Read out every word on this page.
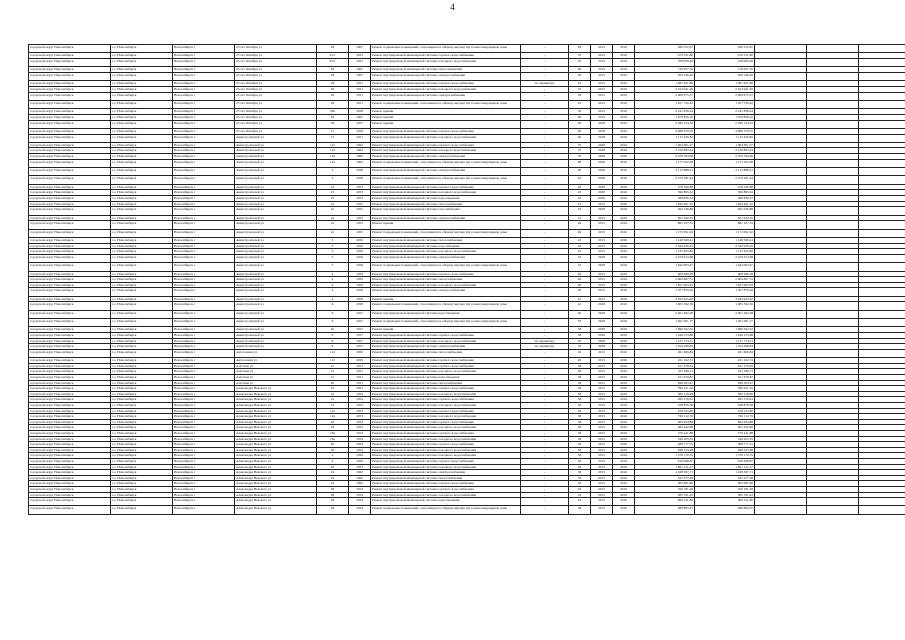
4
городской округ Новосибирск	г.о. Новосибирск	Новосибирск г	25 лет Октября ул	28	1967	Ремонт подвальных помещений, относящихся к общему имуществу в многоквартирном доме	-	83	2015	2016	260 552,67	260 552,67					
городской округ Новосибирск	г.о. Новосибирск	Новосибирск г	25 лет Октября ул	25/1	1953	Ремонт внутридомовой инженерной системы горячего водоснабжения	-	35	2015	2016	470 531,80	470 531,80					
городской округ Новосибирск	г.о. Новосибирск	Новосибирск г	25 лет Октября ул	25/1	1953	Ремонт внутридомовой инженерной системы холодного водоснабжения	-	35	2015	2016	358 009,49	358 009,49					
городской округ Новосибирск	г.о. Новосибирск	Новосибирск г	25 лет Октября ул	28	1967	Ремонт внутридомовой инженерной системы теплоснабжения	-	60	2015	2016	716 657,16	716 657,16					
городской округ Новосибирск	г.о. Новосибирск	Новосибирск г	25 лет Октября ул	28	1967	Ремонт внутридомовой инженерной системы электроснабжения	-	20	2015	2016	959 546,46	959 546,46					
городской округ Новосибирск	г.о. Новосибирск	Новосибирск г	25 лет Октября ул	29	1951	Ремонт внутридомовой инженерной системы горячего водоснабжения	по периметру	25	2015	2016	1 481 621,86	1 481 621,86					
городской округ Новосибирск	г.о. Новосибирск	Новосибирск г	25 лет Октября ул	29	1951	Ремонт внутридомовой инженерной системы холодного водоснабжения	-	25	2015	2016	2 224 941,29	2 224 941,29					
городской округ Новосибирск	г.о. Новосибирск	Новосибирск г	25 лет Октября ул	29	1951	Ремонт внутридомовой инженерной системы электроснабжения	-	18	2015	2016	2 908 975,57	2 908 975,57					
городской округ Новосибирск	г.о. Новосибирск	Новосибирск г	25 лет Октября ул	29	1951	Ремонт подвальных помещений, относящихся к общему имуществу в многоквартирном доме	-	45	2015	2016	1 107 720,42	1 107 720,42					
городской округ Новосибирск	г.о. Новосибирск	Новосибирск г	25 лет Октября ул	28а	1958	Ремонт крыши	-	50	2015	2016	2 241 858,24	2 241 858,24					
городской округ Новосибирск	г.о. Новосибирск	Новосибирск г	25 лет Октября ул	28	1967	Ремонт крыши	-	60	2015	2016	1 679 856,10	1 679 856,10					
городской округ Новосибирск	г.о. Новосибирск	Новосибирск г	25 лет Октября ул	36	1957	Ремонт крыши	-	40	2028	2016	2 290 154,32	2 290 154,32					
городской округ Новосибирск	г.о. Новосибирск	Новосибирск г	25 лет Октября ул	17	1958	Ремонт внутридомовой инженерной системы горячего водоснабжения	-	40	2018	2016	4 086 370,55	4 086 370,55					
городской округ Новосибирск	г.о. Новосибирск	Новосибирск г	Авиастроителей ул	13	1951	Ремонт внутридомовой инженерной системы холодного водоснабжения	-	40	2018	2016	1 115 456,82	1 115 456,82					
городской округ Новосибирск	г.о. Новосибирск	Новосибирск г	Авиастроителей ул	12а	1962	Ремонт внутридомовой инженерной системы горячего водоснабжения	-	70	2028	2016	1 064 601,57	1 064 601,57					
городской округ Новосибирск	г.о. Новосибирск	Новосибирск г	Авиастроителей ул	12а	1962	Ремонт внутридомовой инженерной системы холодного водоснабжения	-	70	2028	2016	2 156 893,24	2 156 893,24					
городской округ Новосибирск	г.о. Новосибирск	Новосибирск г	Авиастроителей ул	12а	1962	Ремонт внутридомовой инженерной системы электроснабжения	-	70	2028	2016	2 078 784,69	2 078 784,69					
городской округ Новосибирск	г.о. Новосибирск	Новосибирск г	Авиастроителей ул	12а	1962	Ремонт подвальных помещений, относящихся к общему имуществу в многоквартирном доме	-	86	2028	2016	1 175 502,08	1 175 502,08					
городской округ Новосибирск	г.о. Новосибирск	Новосибирск г	Авиастроителей ул	3	1958	Ремонт внутридомовой инженерной системы электроснабжения	-	40	2028	2016	2 115 888,21	2 115 888,21					
городской округ Новосибирск	г.о. Новосибирск	Новосибирск г	Авиастроителей ул	3	1958	Ремонт подвальных помещений, относящихся к общему имуществу в многоквартирном доме	-	45	2028	2016	2 279 181,44	2 279 181,44					
городской округ Новосибирск	г.о. Новосибирск	Новосибирск г	Авиастроителей ул	25	1953	Ремонт внутридомовой инженерной системы горячего водоснабжения	-	40	2030	2016	478 560,88	478 560,88					
городской округ Новосибирск	г.о. Новосибирск	Новосибирск г	Авиастроителей ул	25	1953	Ремонт внутридомовой инженерной системы холодного водоснабжения	-	45	2030	2016	396 895,52	396 895,52					
городской округ Новосибирск	г.о. Новосибирск	Новосибирск г	Авиастроителей ул	25	1953	Ремонт внутридомовой инженерной системы водоотведения	-	45	2030	2016	568 836,37	568 836,37					
городской округ Новосибирск	г.о. Новосибирск	Новосибирск г	Авиастроителей ул	2а	1955	Ремонт внутридомовой инженерной системы теплоснабжения	-	41	2015	2016	1 642 601,32	1 642 601,32					
городской округ Новосибирск	г.о. Новосибирск	Новосибирск г	Авиастроителей ул	2а	1955	Ремонт внутридомовой инженерной системы газоснабжения	-	42	2028	2016	262 536,88	262 536,88					
городской округ Новосибирск	г.о. Новосибирск	Новосибирск г	Авиастроителей ул	2а	1955	Ремонт внутридомовой инженерной системы электроснабжения	-	41	2015	2016	501 642,35	501 642,35					
городской округ Новосибирск	г.о. Новосибирск	Новосибирск г	Авиастроителей ул	2а	1955	Ремонт крыши	-	49	2015	2016	881 107,35	881 107,35					
городской округ Новосибирск	г.о. Новосибирск	Новосибирск г	Авиастроителей ул	2а	1955	Ремонт подвальных помещений, относящихся к общему имуществу в многоквартирном доме	-	46	2015	2016	1 172 091,92	1 172 091,92					
городской округ Новосибирск	г.о. Новосибирск	Новосибирск г	Авиастроителей ул	5	1956	Ремонт внутридомовой инженерной системы теплоснабжения	-	43	2015	2016	1 148 569,41	1 148 569,41					
городской округ Новосибирск	г.о. Новосибирск	Новосибирск г	Авиастроителей ул	5	1956	Ремонт внутридомовой инженерной системы водоотведения	-	43	2015	2016	2 344 936,45	2 344 936,45					
городской округ Новосибирск	г.о. Новосибирск	Новосибирск г	Авиастроителей ул	5	1956	Ремонт внутридомовой инженерной системы холодного водоснабжения	-	45	2015	2016	1 131 625,82	1 131 625,82					
городской округ Новосибирск	г.о. Новосибирск	Новосибирск г	Авиастроителей ул	5	1956	Ремонт внутридомовой инженерной системы электроснабжения	-	45	2028	2016	2 479 613,68	2 479 613,68					
городской округ Новосибирск	г.о. Новосибирск	Новосибирск г	Авиастроителей ул	5	1956	Ремонт подвальных помещений, относящихся к общему имуществу в многоквартирном доме	-	45	2028	2016	1 642 003,47	1 642 003,47					
городской округ Новосибирск	г.о. Новосибирск	Новосибирск г	Авиастроителей ул	4	1959	Ремонт внутридомовой инженерной системы горячего водоснабжения	-	40	2015	2016	608 696,38	608 696,38					
городской округ Новосибирск	г.о. Новосибирск	Новосибирск г	Авиастроителей ул	4	1959	Ремонт внутридомовой инженерной системы теплоснабжения	-	40	2015	2016	2 064 867,72	2 064 867,72					
городской округ Новосибирск	г.о. Новосибирск	Новосибирск г	Авиастроителей ул	4	1959	Ремонт внутридомовой инженерной системы холодного водоснабжения	-	40	2015	2016	1 821 063,93	1 821 063,93					
городской округ Новосибирск	г.о. Новосибирск	Новосибирск г	Авиастроителей ул	4	1959	Ремонт внутридомовой инженерной системы электроснабжения	-	40	2015	2016	1 707 879,26	1 707 879,26					
городской округ Новосибирск	г.о. Новосибирск	Новосибирск г	Авиастроителей ул	4	1959	Ремонт крыши	-	45	2015	2016	3 932 925,62	3 932 925,62					
городской округ Новосибирск	г.о. Новосибирск	Новосибирск г	Авиастроителей ул	6	1958	Ремонт подвальных помещений, относящихся к общему имуществу в многоквартирном доме	-	41	2028	2016	1 905 392,56	1 905 392,56					
городской округ Новосибирск	г.о. Новосибирск	Новосибирск г	Авиастроителей ул	6	1957	Ремонт внутридомовой инженерной системы водоотведения	-	40	2028	2016	2 401 492,28	2 401 492,28					
городской округ Новосибирск	г.о. Новосибирск	Новосибирск г	Авиастроителей ул	6	1957	Ремонт подвальных помещений, относящихся к общему имуществу в многоквартирном доме	-	55	2028	2016	1 491 061,77	1 491 061,77					
городской округ Новосибирск	г.о. Новосибирск	Новосибирск г	Авиастроителей ул	6а	1957	Ремонт крыши	-	38	2028	2016	1 990 562,52	1 990 562,52					
городской округ Новосибирск	г.о. Новосибирск	Новосибирск г	Авиастроителей ул	9	1957	Ремонт внутридомовой инженерной системы горячего водоснабжения	-	38	2028	2016	1 449 153,88	1 449 153,88					
городской округ Новосибирск	г.о. Новосибирск	Новосибирск г	Авиастроителей ул	9	1957	Ремонт внутридомовой инженерной системы холодного водоснабжения	по периметру	35	2028	2016	1 121 774,31	1 121 774,31					
городской округ Новосибирск	г.о. Новосибирск	Новосибирск г	Авиастроителей ул	9	1957	Ремонт внутридомовой инженерной системы электроснабжения	по периметру	35	2028	2016	1 354 298,83	1 354 298,83					
городской округ Новосибирск	г.о. Новосибирск	Новосибирск г	Автогенная ул	112	1959	Ремонт внутридомовой инженерной системы теплоснабжения	-	20	2015	2016	261 606,84	261 606,84					
городской округ Новосибирск	г.о. Новосибирск	Новосибирск г	Автогенная ул	112	1959	Ремонт внутридомовой инженерной системы горячего водоснабжения	-	20	2015	2016	221 102,72	221 102,72					
городской округ Новосибирск	г.о. Новосибирск	Новосибирск г	Азатская ул	21	1951	Ремонт внутридомовой инженерной системы горячего водоснабжения	-	56	2015	2016	221 278,65	221 278,65					
городской округ Новосибирск	г.о. Новосибирск	Новосибирск г	Азатская ул	21	1951	Ремонт внутридомовой инженерной системы холодного водоснабжения	-	56	2015	2016	521 180,11	521 180,11					
городской округ Новосибирск	г.о. Новосибирск	Новосибирск г	Азатская ул	21	1951	Ремонт внутридомовой инженерной системы водоотведения	-	56	2015	2016	521 679,87	521 679,87					
городской округ Новосибирск	г.о. Новосибирск	Новосибирск г	Азатская ул	20	1951	Ремонт внутридомовой инженерной системы теплоснабжения	-	56	2015	2016	849 503,47	849 503,47					
городской округ Новосибирск	г.о. Новосибирск	Новосибирск г	Александра Невского ул	10	1953	Ремонт внутридомовой инженерной системы горячего водоснабжения	-	56	2015	2016	796 421,16	796 421,16					
городской округ Новосибирск	г.о. Новосибирск	Новосибирск г	Александра Невского ул	10	1953	Ремонт внутридомовой инженерной системы холодного водоснабжения	-	56	2015	2016	382 219,96	382 219,96					
городской округ Новосибирск	г.о. Новосибирск	Новосибирск г	Александра Невского ул	12	1954	Ремонт внутридомовой инженерной системы горячего водоснабжения	-	56	2015	2016	495 376,61	495 376,61					
городской округ Новосибирск	г.о. Новосибирск	Новосибирск г	Александра Невского ул	12	1954	Ремонт внутридомовой инженерной системы холодного водоснабжения	-	56	2015	2016	528 876,58	528 876,58					
городской округ Новосибирск	г.о. Новосибирск	Новосибирск г	Александра Невского ул	12а	1953	Ремонт внутридомовой инженерной системы горячего водоснабжения	-	56	2015	2016	478 523,80	478 523,80					
городской округ Новосибирск	г.о. Новосибирск	Новосибирск г	Александра Невского ул	12а	1953	Ремонт внутридомовой инженерной системы холодного водоснабжения	-	56	2015	2016	726 112,76	726 112,76					
городской округ Новосибирск	г.о. Новосибирск	Новосибирск г	Александра Невского ул	18	1954	Ремонт внутридомовой инженерной системы горячего водоснабжения	-	56	2015	2016	484 264,88	484 264,88					
городской округ Новосибирск	г.о. Новосибирск	Новосибирск г	Александра Невского ул	18	1954	Ремонт внутридомовой инженерной системы холодного водоснабжения	-	56	2015	2016	462 442,96	462 442,96					
городской округ Новосибирск	г.о. Новосибирск	Новосибирск г	Александра Невского ул	18а	1954	Ремонт внутридомовой инженерной системы горячего водоснабжения	-	56	2015	2016	579 441,88	579 441,88					
городской округ Новосибирск	г.о. Новосибирск	Новосибирск г	Александра Невского ул	18а	1954	Ремонт внутридомовой инженерной системы холодного водоснабжения	-	56	2015	2016	549 205,35	549 205,35					
городской округ Новосибирск	г.о. Новосибирск	Новосибирск г	Александра Невского ул	20	1954	Ремонт внутридомовой инженерной системы горячего водоснабжения	-	56	2015	2016	588 777,15	588 777,15					
городской округ Новосибирск	г.о. Новосибирск	Новосибирск г	Александра Невского ул	20	1954	Ремонт внутридомовой инженерной системы холодного водоснабжения	-	56	2015	2016	498 323,68	498 323,68					
городской округ Новосибирск	г.о. Новосибирск	Новосибирск г	Александра Невского ул	2	1956	Ремонт внутридомовой инженерной системы холодного водоснабжения	-	56	2015	2016	1 578 170,79	1 578 170,79					
городской округ Новосибирск	г.о. Новосибирск	Новосибирск г	Александра Невского ул	2	1956	Ремонт внутридомовой инженерной системы горячего водоснабжения	-	56	2015	2016	616 068,87	616 068,87					
городской округ Новосибирск	г.о. Новосибирск	Новосибирск г	Александра Невского ул	20	1953	Ремонт внутридомовой инженерной системы холодного водоснабжения	-	56	2015	2016	1 891 121,27	1 891 121,27					
городской округ Новосибирск	г.о. Новосибирск	Новосибирск г	Александра Невского ул	24	1962	Ремонт внутридомовой инженерной системы электроснабжения	-	56	2015	2016	1 168 367,71	1 168 367,71					
городской округ Новосибирск	г.о. Новосибирск	Новосибирск г	Александра Невского ул	24	1962	Ремонт внутридомовой инженерной системы теплоснабжения	-	55	2015	2016	541 677,28	541 677,28					
городской округ Новосибирск	г.о. Новосибирск	Новосибирск г	Александра Невского ул	24	1962	Ремонт внутридомовой инженерной системы горячего водоснабжения	-	55	2015	2016	583 081,66	583 081,66					
городской округ Новосибирск	г.о. Новосибирск	Новосибирск г	Александра Невского ул	28	1954	Ремонт внутридомовой инженерной системы горячего водоснабжения	-	43	2015	2016	350 181,28	350 181,28					
городской округ Новосибирск	г.о. Новосибирск	Новосибирск г	Александра Невского ул	28	1954	Ремонт внутридомовой инженерной системы холодного водоснабжения	-	43	2015	2016	585 761,43	585 761,43					
городской округ Новосибирск	г.о. Новосибирск	Новосибирск г	Александра Невского ул	28	1954	Ремонт внутридомовой инженерной системы водоотведения	-	43	2015	2016	966 541,80	966 541,80					
городской округ Новосибирск	г.о. Новосибирск	Новосибирск г	Александра Невского ул	28	1954	Ремонт подвальных помещений, относящихся к общему имуществу в многоквартирном доме	-	58	2015	2016	488 865,07	488 865,07					
